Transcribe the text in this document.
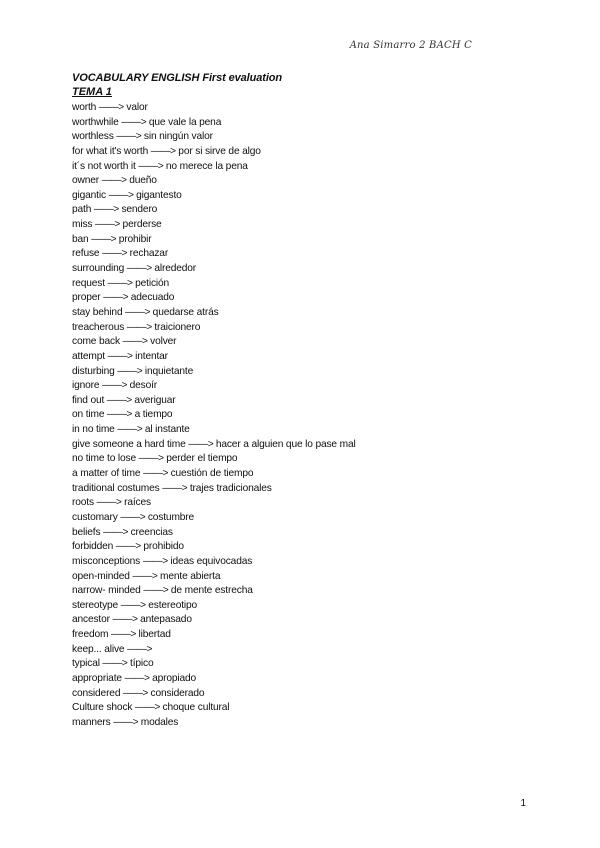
Ana Simarro 2 BACH C
VOCABULARY ENGLISH First evaluation
TEMA 1
worth ——> valor
worthwhile ——> que vale la pena
worthless ——> sin ningún valor
for what it's worth ——> por si sirve de algo
it´s not worth it ——> no merece la pena
owner ——> dueño
gigantic ——> gigantesto
path ——> sendero
miss ——> perderse
ban ——> prohibir
refuse ——> rechazar
surrounding ——> alrededor
request ——> petición
proper ——> adecuado
stay behind ——> quedarse atrás
treacherous ——> traicionero
come back ——> volver
attempt ——> intentar
disturbing ——> inquietante
ignore ——> desoír
find out ——> averiguar
on time ——> a tiempo
in no time ——> al instante
give someone a hard time ——> hacer a alguien que lo pase mal
no time to lose ——> perder el tiempo
a matter of time ——> cuestión de tiempo
traditional costumes ——> trajes tradicionales
roots ——> raíces
customary ——> costumbre
beliefs ——> creencias
forbidden ——> prohibido
misconceptions ——> ideas equivocadas
open-minded ——> mente abierta
narrow- minded ——> de mente estrecha
stereotype ——> estereotipo
ancestor ——> antepasado
freedom ——> libertad
keep... alive ——>
typical ——> típico
appropriate ——> apropiado
considered ——> considerado
Culture shock ——> choque cultural
manners ——> modales
1
